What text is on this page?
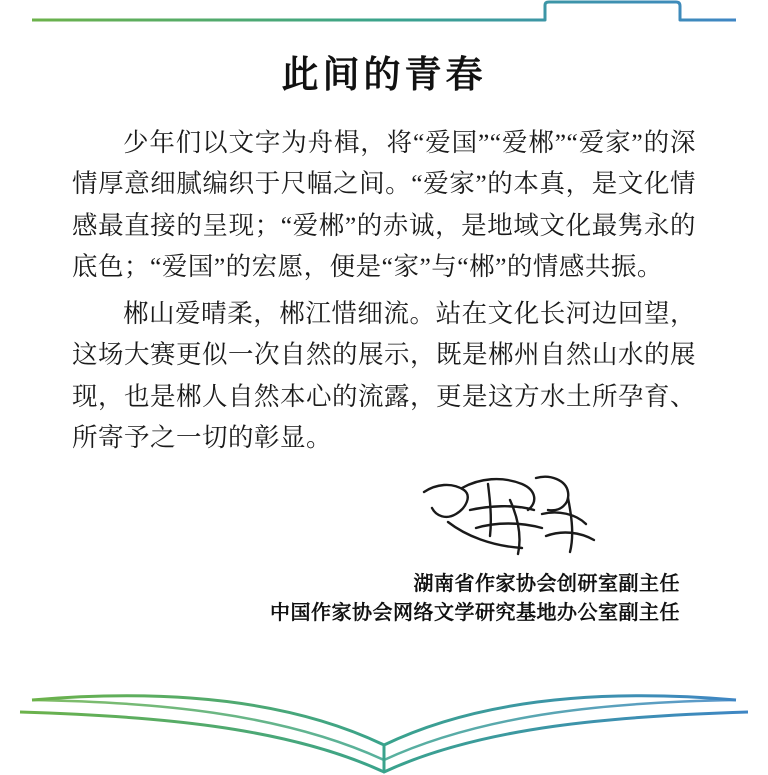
此间的青春

少年们以文字为舟楫，将“爱国”“爱郴”“爱家”的深情厚意细腻编织于尺幅之间。“爱家”的本真，是文化情感最直接的呈现；“爱郴”的赤诚，是地域文化最隽永的底色；“爱国”的宏愿，便是“家”与“郴”的情感共振。

郴山爱晴柔，郴江惜细流。站在文化长河边回望，这场大赛更似一次自然的展示，既是郴州自然山水的展现，也是郴人自然本心的流露，更是这方水土所孕育、所寄予之一切的彰显。

湖南省作家协会创研室副主任
中国作家协会网络文学研究基地办公室副主任
